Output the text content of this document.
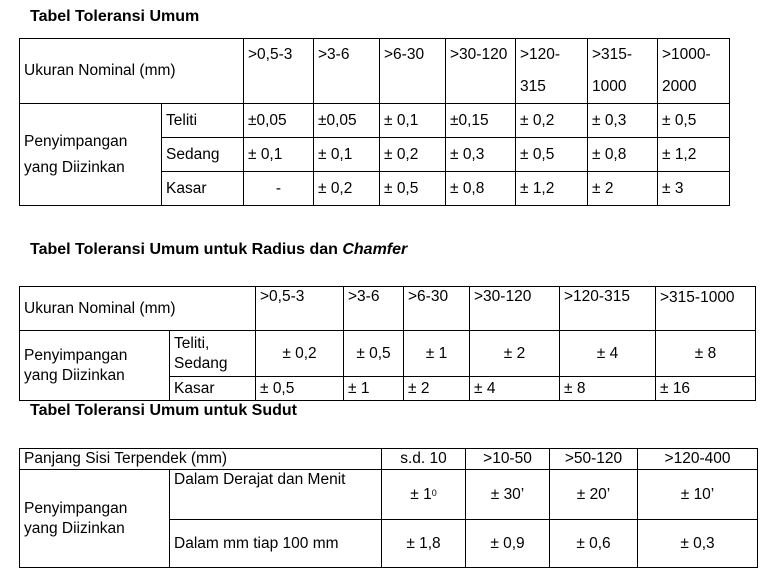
Tabel Toleransi Umum
Ukuran Nominal (mm)		>0,5-3	>3-6	>6-30	>30-120	>120-315	>315-1000	>1000-2000
Penyimpangan yang Diizinkan	Teliti	±0,05	±0,05	± 0,1	±0,15	± 0,2	± 0,3	± 0,5
	Sedang	± 0,1	± 0,1	± 0,2	± 0,3	± 0,5	± 0,8	± 1,2
	Kasar	-	± 0,2	± 0,5	± 0,8	± 1,2	± 2	± 3
Tabel Toleransi Umum untuk Radius dan Chamfer
Ukuran Nominal (mm)		>0,5-3	>3-6	>6-30	>30-120	>120-315	>315-1000
Penyimpangan yang Diizinkan	Teliti, Sedang	± 0,2	± 0,5	± 1	± 2	± 4	± 8
	Kasar	± 0,5	± 1	± 2	± 4	± 8	± 16
Tabel Toleransi Umum untuk Sudut
Panjang Sisi Terpendek (mm)		s.d. 10	>10-50	>50-120	>120-400
Penyimpangan yang Diizinkan	Dalam Derajat dan Menit	± $1^0$	± 30’	± 20’	± 10’
	Dalam mm tiap 100 mm	± 1,8	± 0,9	± 0,6	± 0,3
